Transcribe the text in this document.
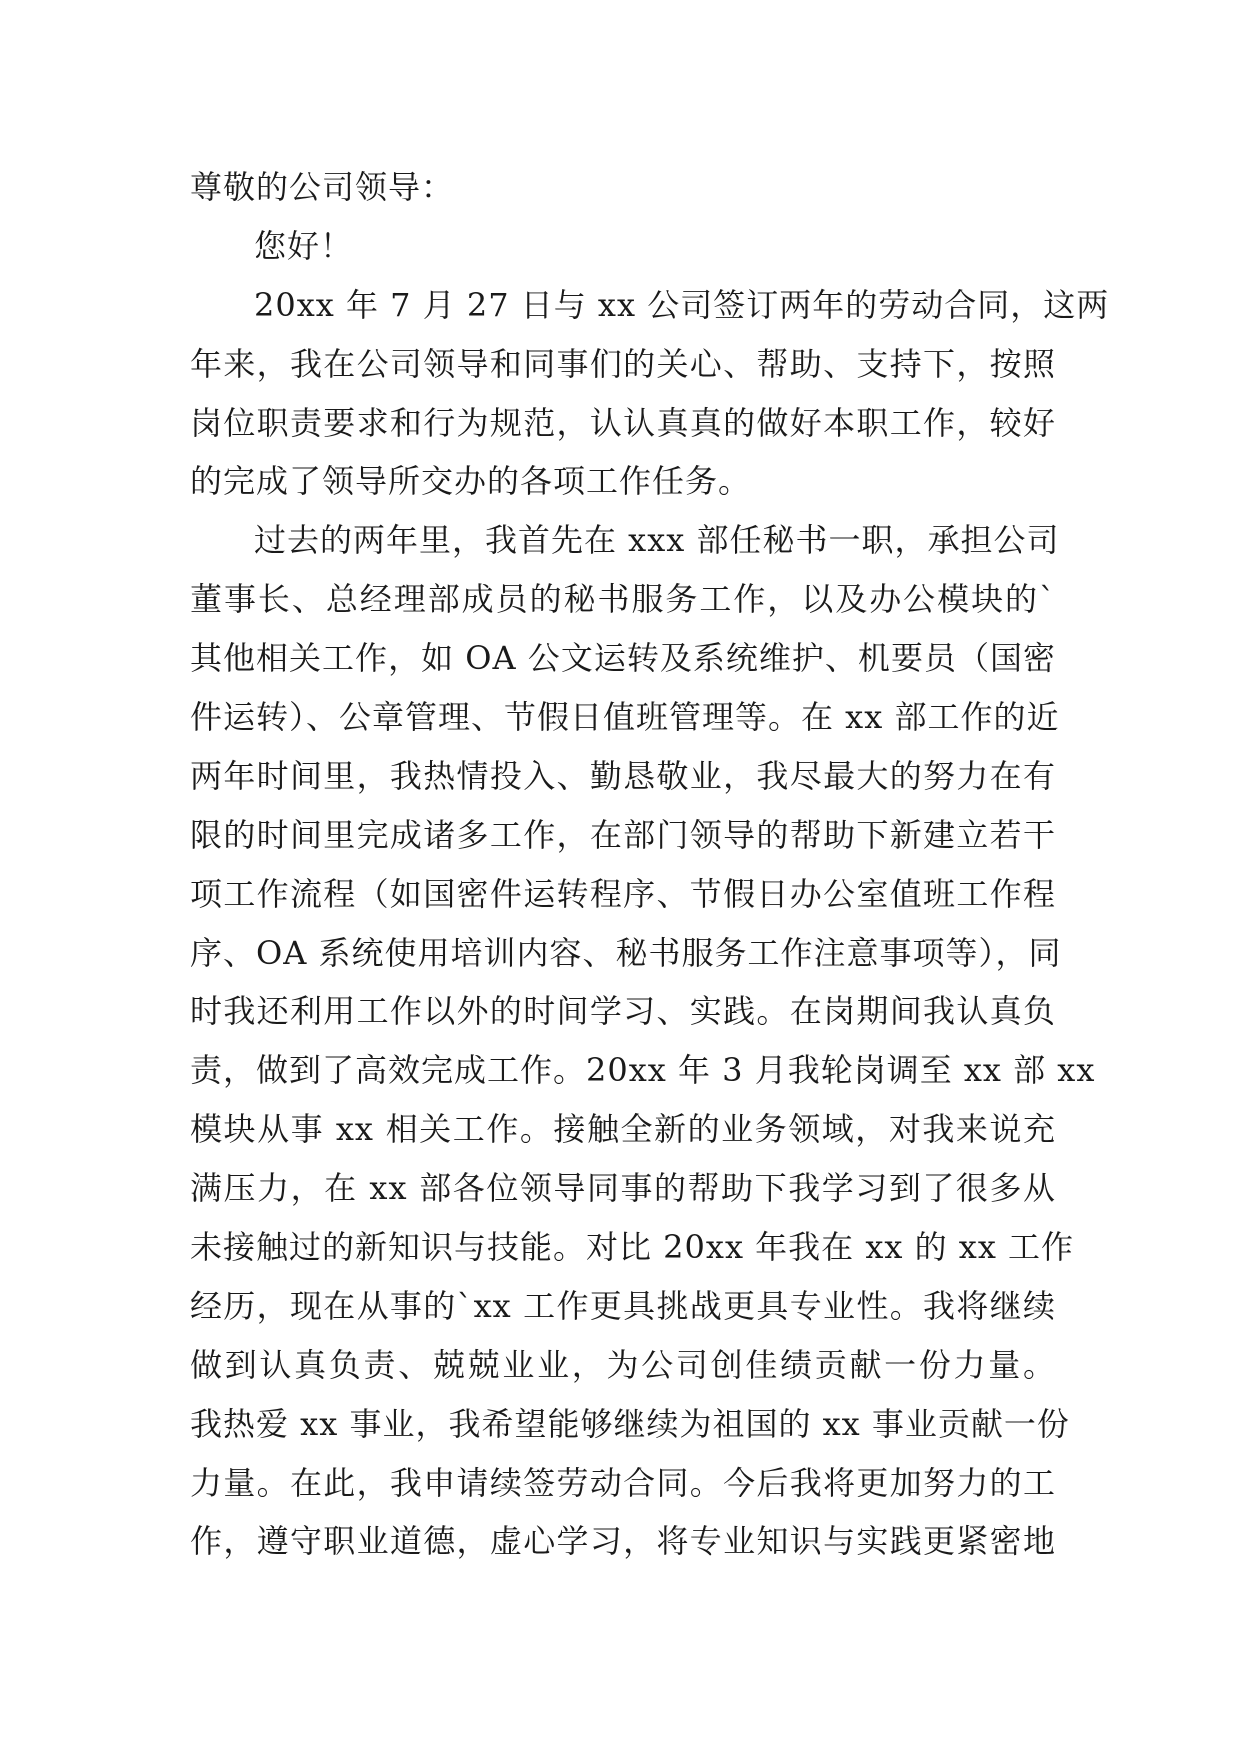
尊敬的公司领导：
您好！
20xx 年 7 月 27 日与 xx 公司签订两年的劳动合同，这两
年来，我在公司领导和同事们的关心、帮助、支持下，按照
岗位职责要求和行为规范，认认真真的做好本职工作，较好
的完成了领导所交办的各项工作任务。
过去的两年里，我首先在 xxx 部任秘书一职，承担公司
董事长、总经理部成员的秘书服务工作，以及办公模块的`
其他相关工作，如 OA 公文运转及系统维护、机要员（国密
件运转）、公章管理、节假日值班管理等。在 xx 部工作的近
两年时间里，我热情投入、勤恳敬业，我尽最大的努力在有
限的时间里完成诸多工作，在部门领导的帮助下新建立若干
项工作流程（如国密件运转程序、节假日办公室值班工作程
序、OA 系统使用培训内容、秘书服务工作注意事项等），同
时我还利用工作以外的时间学习、实践。在岗期间我认真负
责，做到了高效完成工作。20xx 年 3 月我轮岗调至 xx 部 xx
模块从事 xx 相关工作。接触全新的业务领域，对我来说充
满压力，在 xx 部各位领导同事的帮助下我学习到了很多从
未接触过的新知识与技能。对比 20xx 年我在 xx 的 xx 工作
经历，现在从事的`xx 工作更具挑战更具专业性。我将继续
做到认真负责、兢兢业业，为公司创佳绩贡献一份力量。
我热爱 xx 事业，我希望能够继续为祖国的 xx 事业贡献一份
力量。在此，我申请续签劳动合同。今后我将更加努力的工
作，遵守职业道德，虚心学习，将专业知识与实践更紧密地
